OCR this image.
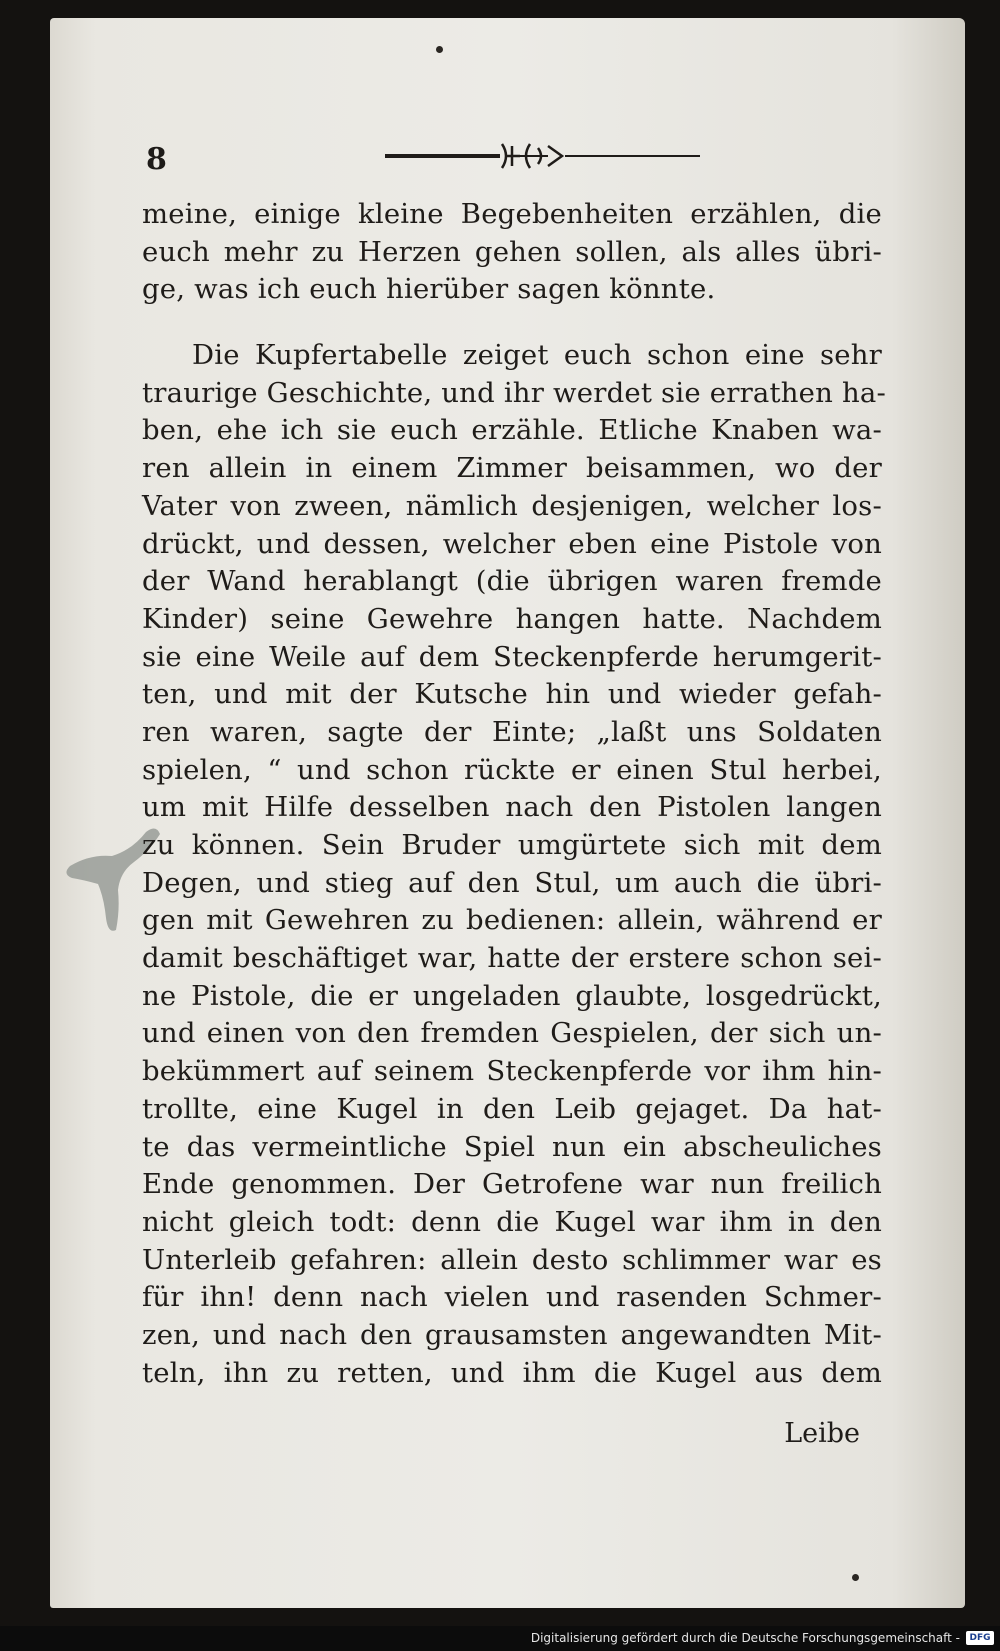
8
meine, einige kleine Begebenheiten erzählen, die
euch mehr zu Herzen gehen sollen, als alles übri-
ge, was ich euch hierüber sagen könnte.
Die Kupfertabelle zeiget euch schon eine sehr
traurige Geschichte, und ihr werdet sie errathen ha-
ben, ehe ich sie euch erzähle. Etliche Knaben wa-
ren allein in einem Zimmer beisammen, wo der
Vater von zween, nämlich desjenigen, welcher los-
drückt, und dessen, welcher eben eine Pistole von
der Wand herablangt (die übrigen waren fremde
Kinder) seine Gewehre hangen hatte. Nachdem
sie eine Weile auf dem Steckenpferde herumgerit-
ten, und mit der Kutsche hin und wieder gefah-
ren waren, sagte der Einte; „laßt uns Soldaten
spielen, “ und schon rückte er einen Stul herbei,
um mit Hilfe desselben nach den Pistolen langen
zu können. Sein Bruder umgürtete sich mit dem
Degen, und stieg auf den Stul, um auch die übri-
gen mit Gewehren zu bedienen: allein, während er
damit beschäftiget war, hatte der erstere schon sei-
ne Pistole, die er ungeladen glaubte, losgedrückt,
und einen von den fremden Gespielen, der sich un-
bekümmert auf seinem Steckenpferde vor ihm hin-
trollte, eine Kugel in den Leib gejaget. Da hat-
te das vermeintliche Spiel nun ein abscheuliches
Ende genommen. Der Getrofene war nun freilich
nicht gleich todt: denn die Kugel war ihm in den
Unterleib gefahren: allein desto schlimmer war es
für ihn! denn nach vielen und rasenden Schmer-
zen, und nach den grausamsten angewandten Mit-
teln, ihn zu retten, und ihm die Kugel aus dem
Leibe
Digitalisierung gefördert durch die Deutsche Forschungsgemeinschaft -	DFG
